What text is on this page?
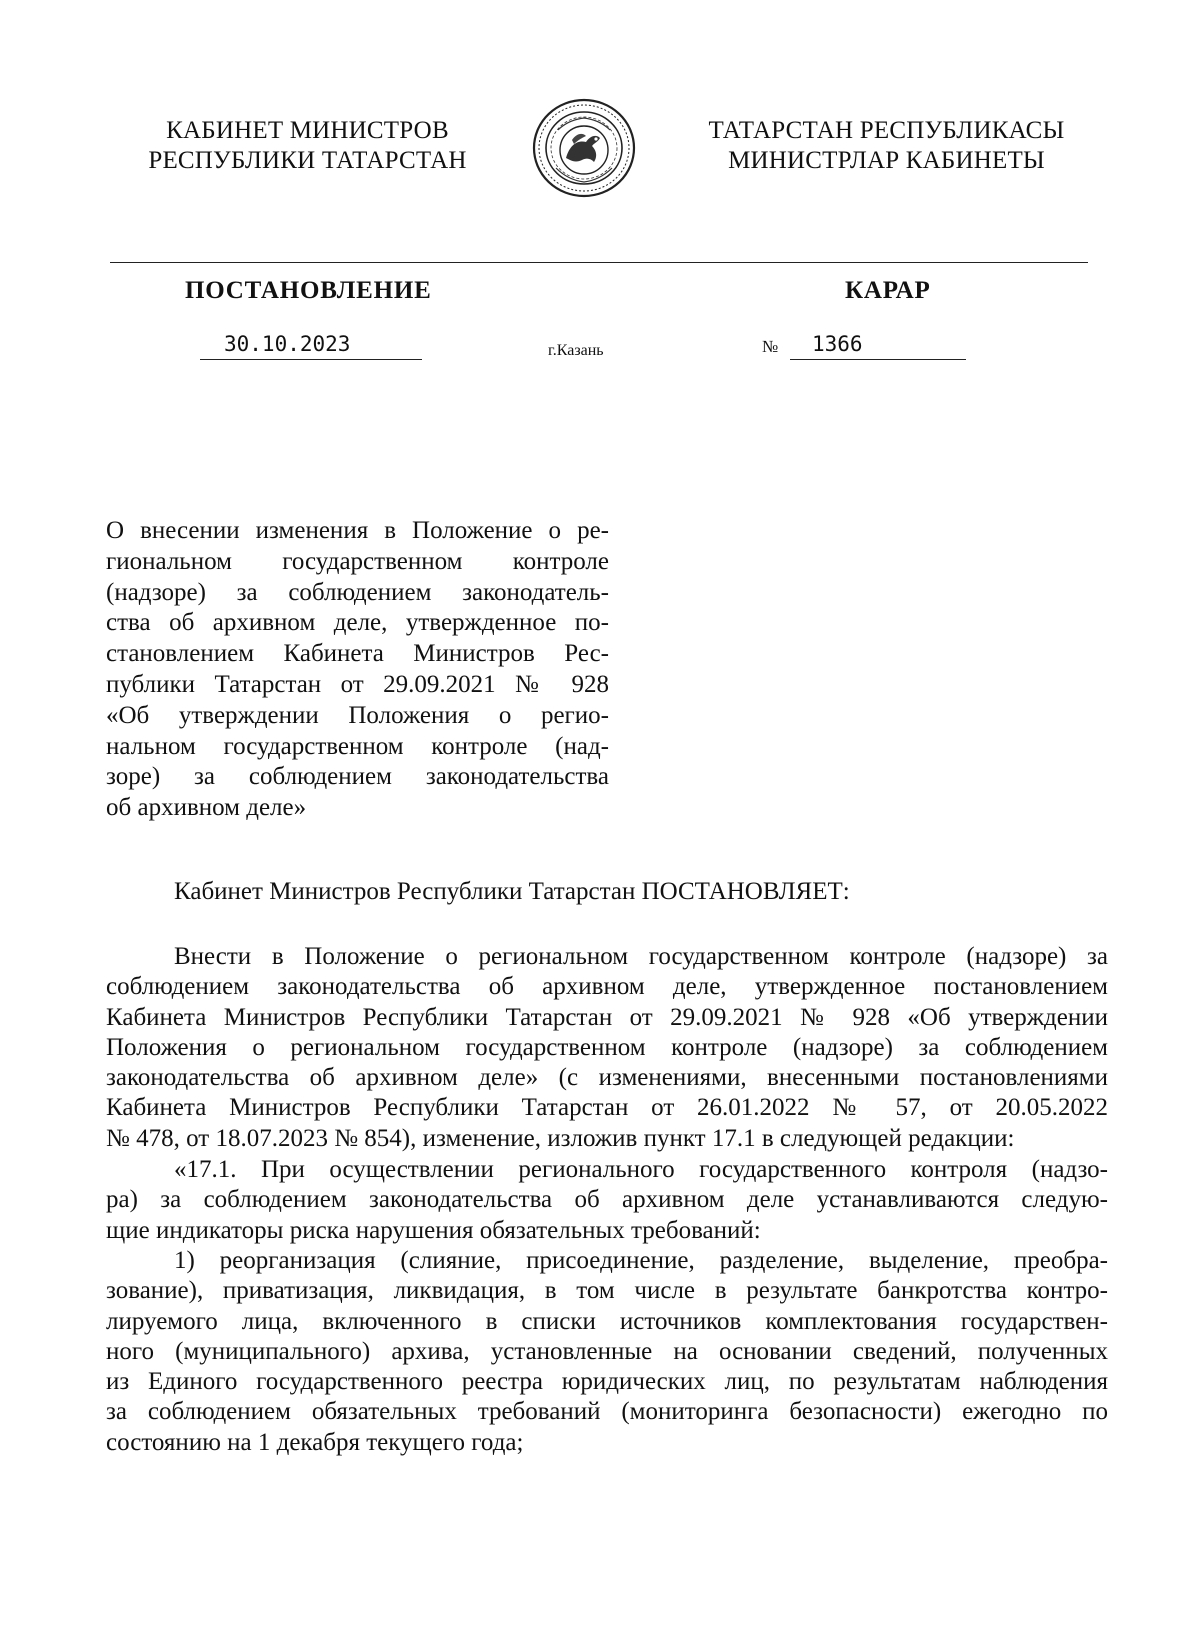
КАБИНЕТ МИНИСТРОВ
РЕСПУБЛИКИ ТАТАРСТАН
ТАТАРСТАН РЕСПУБЛИКАСЫ
МИНИСТРЛАР КАБИНЕТЫ
ПОСТАНОВЛЕНИЕ	КАРАР
30.10.2023	г.Казань	№ 1366
О внесении изменения в Положение о ре-
гиональном государственном контроле
(надзоре) за соблюдением законодатель-
ства об архивном деле, утвержденное по-
становлением Кабинета Министров Рес-
публики Татарстан от 29.09.2021 № 928
«Об утверждении Положения о регио-
нальном государственном контроле (над-
зоре) за соблюдением законодательства
об архивном деле»
Кабинет Министров Республики Татарстан ПОСТАНОВЛЯЕТ:
Внести в Положение о региональном государственном контроле (надзоре) за
соблюдением законодательства об архивном деле, утвержденное постановлением
Кабинета Министров Республики Татарстан от 29.09.2021 № 928 «Об утверждении
Положения о региональном государственном контроле (надзоре) за соблюдением
законодательства об архивном деле» (с изменениями, внесенными постановлениями
Кабинета Министров Республики Татарстан от 26.01.2022 № 57, от 20.05.2022
№ 478, от 18.07.2023 № 854), изменение, изложив пункт 17.1 в следующей редакции:
«17.1. При осуществлении регионального государственного контроля (надзо-
ра) за соблюдением законодательства об архивном деле устанавливаются следую-
щие индикаторы риска нарушения обязательных требований:
1) реорганизация (слияние, присоединение, разделение, выделение, преобра-
зование), приватизация, ликвидация, в том числе в результате банкротства контро-
лируемого лица, включенного в списки источников комплектования государствен-
ного (муниципального) архива, установленные на основании сведений, полученных
из Единого государственного реестра юридических лиц, по результатам наблюдения
за соблюдением обязательных требований (мониторинга безопасности) ежегодно по
состоянию на 1 декабря текущего года;
